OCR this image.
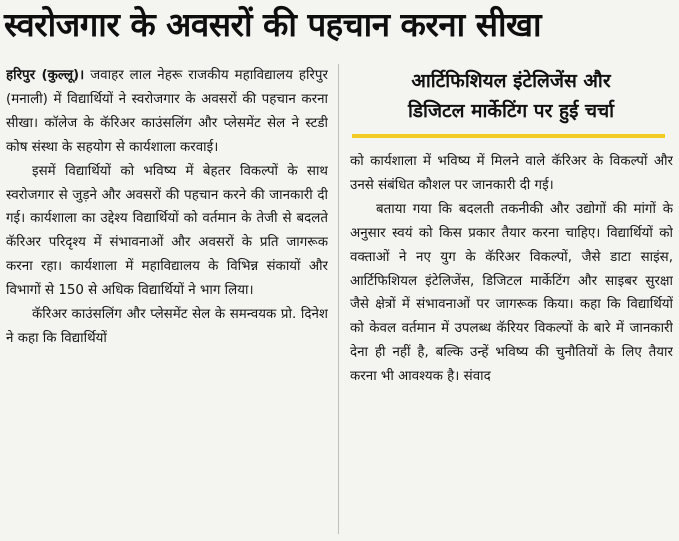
स्वरोजगार के अवसरों की पहचान करना सीखा

हरिपुर (कुल्लू)। जवाहर लाल नेहरू राजकीय महाविद्यालय हरिपुर (मनाली) में विद्यार्थियों ने स्वरोजगार के अवसरों की पहचान करना सीखा। कॉलेज के कॅरिअर काउंसलिंग और प्लेसमेंट सेल ने स्टडी कोष संस्था के सहयोग से कार्यशाला करवाई।

इसमें विद्यार्थियों को भविष्य में बेहतर विकल्पों के साथ स्वरोजगार से जुड़ने और अवसरों की पहचान करने की जानकारी दी गई। कार्यशाला का उद्देश्य विद्यार्थियों को वर्तमान के तेजी से बदलते कॅरिअर परिदृश्य में संभावनाओं और अवसरों के प्रति जागरूक करना रहा। कार्यशाला में महाविद्यालय के विभिन्न संकायों और विभागों से 150 से अधिक विद्यार्थियों ने भाग लिया।

कॅरिअर काउंसलिंग और प्लेसमेंट सेल के समन्वयक प्रो. दिनेश ने कहा कि विद्यार्थियों

आर्टिफिशियल इंटेलिजेंस और
डिजिटल मार्केटिंग पर हुई चर्चा

को कार्यशाला में भविष्य में मिलने वाले कॅरिअर के विकल्पों और उनसे संबंधित कौशल पर जानकारी दी गई।

बताया गया कि बदलती तकनीकी और उद्योगों की मांगों के अनुसार स्वयं को किस प्रकार तैयार करना चाहिए। विद्यार्थियों को वक्ताओं ने नए युग के कॅरिअर विकल्पों, जैसे डाटा साइंस, आर्टिफिशियल इंटेलिजेंस, डिजिटल मार्केटिंग और साइबर सुरक्षा जैसे क्षेत्रों में संभावनाओं पर जागरूक किया। कहा कि विद्यार्थियों को केवल वर्तमान में उपलब्ध कॅरियर विकल्पों के बारे में जानकारी देना ही नहीं है, बल्कि उन्हें भविष्य की चुनौतियों के लिए तैयार करना भी आवश्यक है। संवाद
